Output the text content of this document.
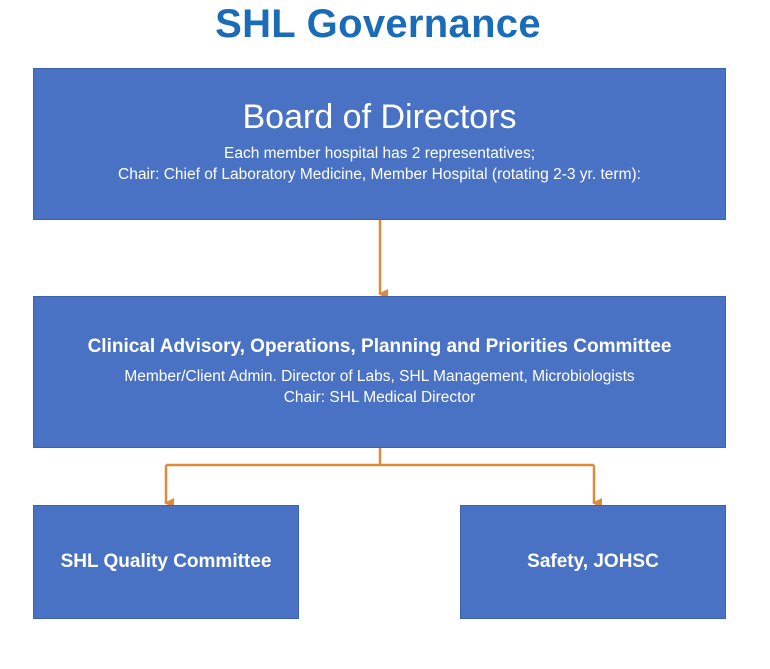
SHL Governance
Board of Directors
Each member hospital has 2 representatives;
Chair: Chief of Laboratory Medicine, Member Hospital (rotating 2-3 yr. term):
Clinical Advisory, Operations, Planning and Priorities Committee
Member/Client Admin. Director of Labs, SHL Management, Microbiologists
Chair: SHL Medical Director
SHL Quality Committee	Safety, JOHSC
